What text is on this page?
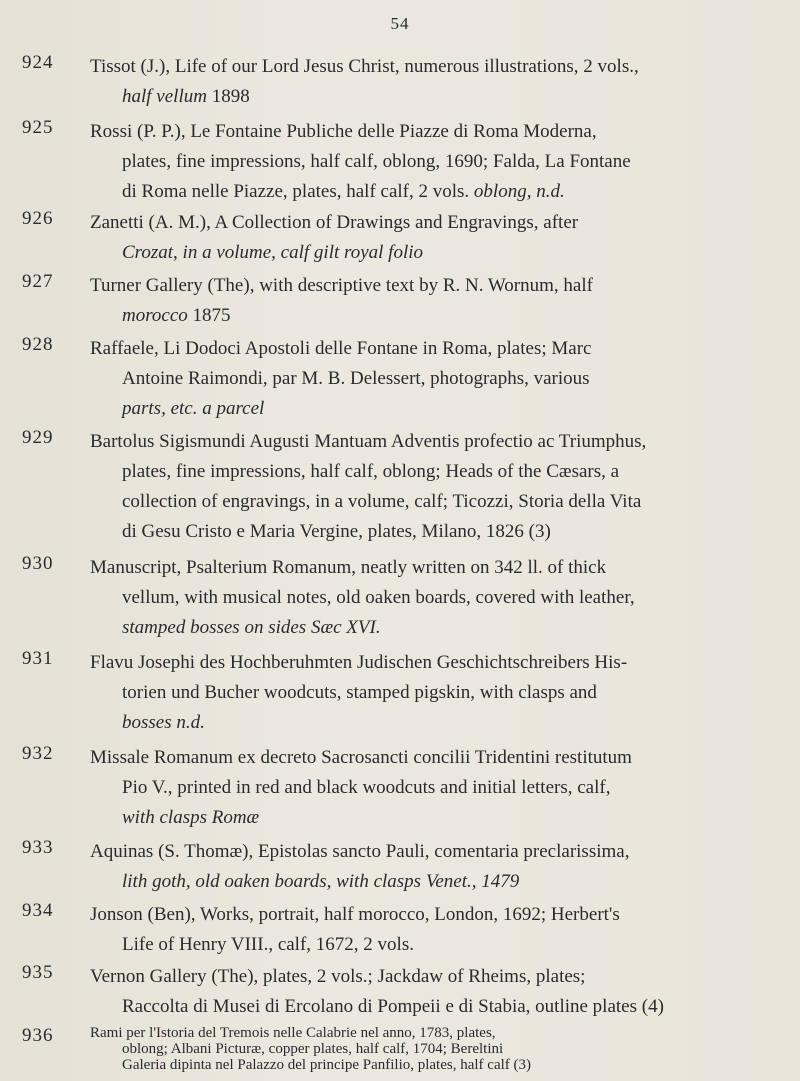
54
924 Tissot (J.), Life of our Lord Jesus Christ, numerous illustrations, 2 vols.,
half vellum 1898
925 Rossi (P. P.), Le Fontaine Publiche delle Piazze di Roma Moderna,
plates, fine impressions, half calf, oblong, 1690; Falda, La Fontane
di Roma nelle Piazze, plates, half calf, 2 vols. oblong, n.d.
926 Zanetti (A. M.), A Collection of Drawings and Engravings, after
Crozat, in a volume, calf gilt royal folio
927 Turner Gallery (The), with descriptive text by R. N. Wornum, half
morocco 1875
928 Raffaele, Li Dodoci Apostoli delle Fontane in Roma, plates; Marc
Antoine Raimondi, par M. B. Delessert, photographs, various
parts, etc. a parcel
929 Bartolus Sigismundi Augusti Mantuam Adventis profectio ac Triumphus,
plates, fine impressions, half calf, oblong; Heads of the Cæsars, a
collection of engravings, in a volume, calf; Ticozzi, Storia della Vita
di Gesu Cristo e Maria Vergine, plates, Milano, 1826 (3)
930 Manuscript, Psalterium Romanum, neatly written on 342 ll. of thick
vellum, with musical notes, old oaken boards, covered with leather,
stamped bosses on sides Sæc XVI.
931 Flavu Josephi des Hochberuhmten Judischen Geschichtschreibers His-
torien und Bucher woodcuts, stamped pigskin, with clasps and
bosses n.d.
932 Missale Romanum ex decreto Sacrosancti concilii Tridentini restitutum
Pio V., printed in red and black woodcuts and initial letters, calf,
with clasps Romæ
933 Aquinas (S. Thomæ), Epistolas sancto Pauli, comentaria preclarissima,
lith goth, old oaken boards, with clasps Venet., 1479
934 Jonson (Ben), Works, portrait, half morocco, London, 1692; Herbert's
Life of Henry VIII., calf, 1672, 2 vols.
935 Vernon Gallery (The), plates, 2 vols.; Jackdaw of Rheims, plates;
Raccolta di Musei di Ercolano di Pompeii e di Stabia, outline plates (4)
936 Rami per l'Istoria del Tremois nelle Calabrie nel anno, 1783, plates,
oblong; Albani Picturæ, copper plates, half calf, 1704; Bereltini
Galeria dipinta nel Palazzo del principe Panfilio, plates, half calf (3)
